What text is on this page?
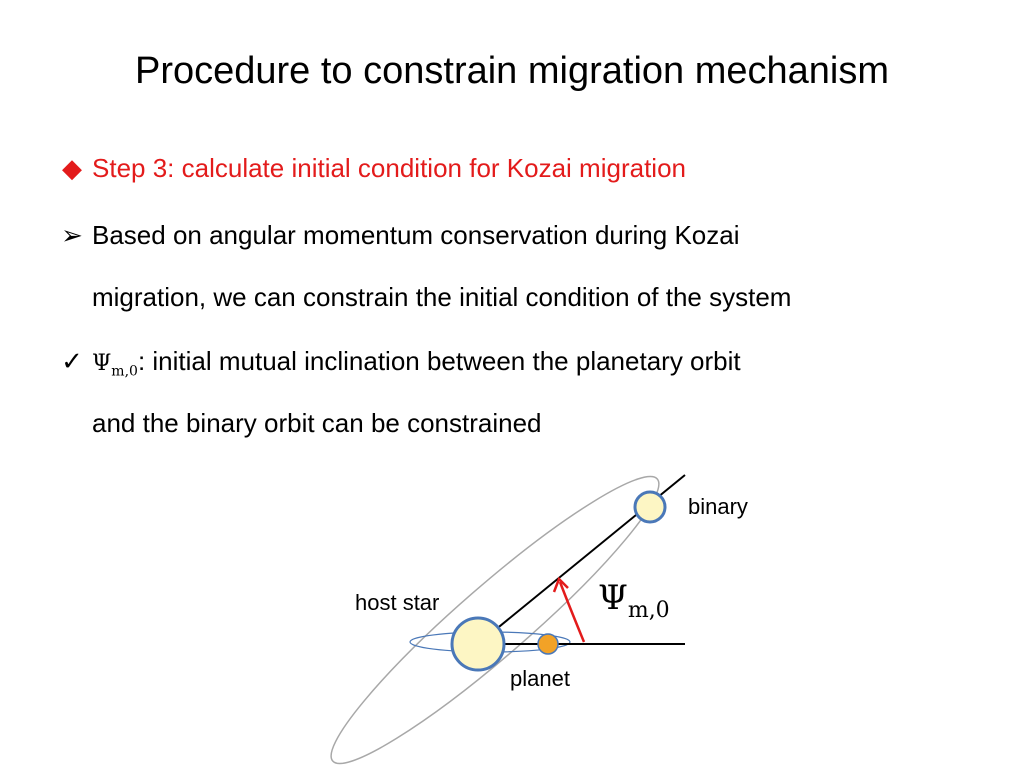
Procedure to constrain migration mechanism
◆ Step 3: calculate initial condition for Kozai migration
➢ Based on angular momentum conservation during Kozai
migration, we can constrain the initial condition of the system
✓ $\Psi_{m,0}$: initial mutual inclination between the planetary orbit
and the binary orbit can be constrained
binary
host star
planet
$\Psi_{m,0}$
